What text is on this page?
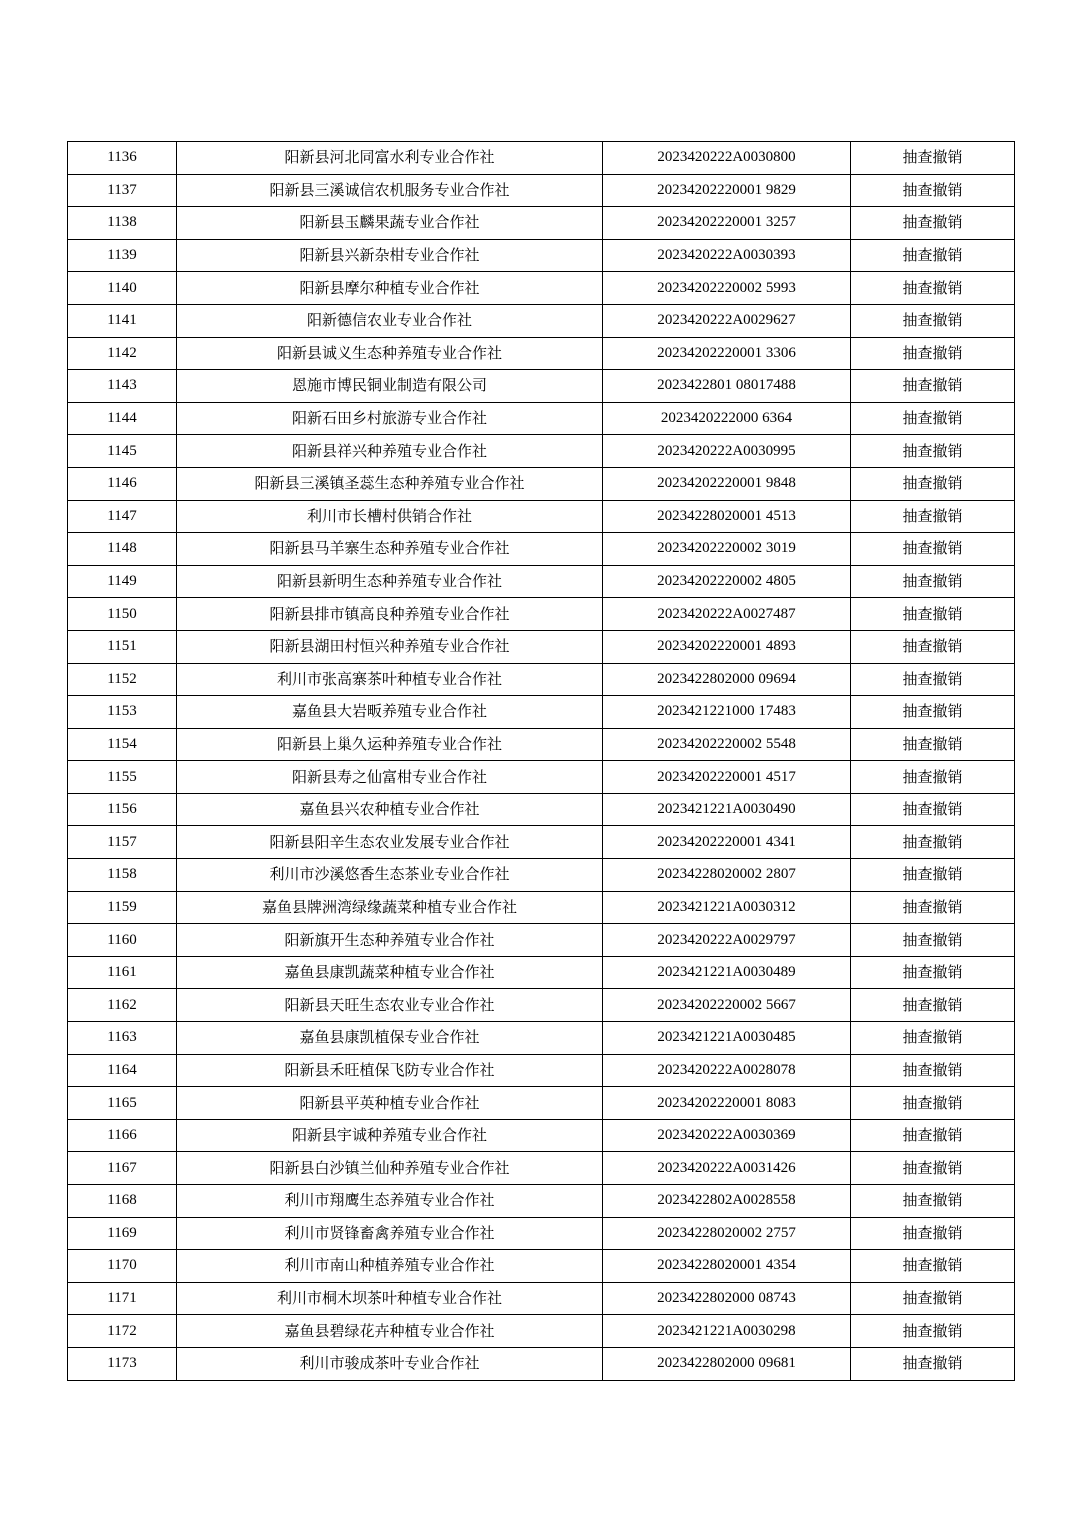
1136	阳新县河北同富水利专业合作社	2023420222A0030800	抽查撤销
1137	阳新县三溪诚信农机服务专业合作社	20234202220001 9829	抽查撤销
1138	阳新县玉麟果蔬专业合作社	20234202220001 3257	抽查撤销
1139	阳新县兴新杂柑专业合作社	2023420222A0030393	抽查撤销
1140	阳新县摩尔种植专业合作社	20234202220002 5993	抽查撤销
1141	阳新德信农业专业合作社	2023420222A0029627	抽查撤销
1142	阳新县诚义生态种养殖专业合作社	20234202220001 3306	抽查撤销
1143	恩施市博民铜业制造有限公司	2023422801 08017488	抽查撤销
1144	阳新石田乡村旅游专业合作社	2023420222000 6364	抽查撤销
1145	阳新县祥兴种养殖专业合作社	2023420222A0030995	抽查撤销
1146	阳新县三溪镇圣蕊生态种养殖专业合作社	20234202220001 9848	抽查撤销
1147	利川市长槽村供销合作社	20234228020001 4513	抽查撤销
1148	阳新县马羊寨生态种养殖专业合作社	20234202220002 3019	抽查撤销
1149	阳新县新明生态种养殖专业合作社	20234202220002 4805	抽查撤销
1150	阳新县排市镇高良种养殖专业合作社	2023420222A0027487	抽查撤销
1151	阳新县湖田村恒兴种养殖专业合作社	20234202220001 4893	抽查撤销
1152	利川市张高寨茶叶种植专业合作社	2023422802000 09694	抽查撤销
1153	嘉鱼县大岩畈养殖专业合作社	2023421221000 17483	抽查撤销
1154	阳新县上巢久运种养殖专业合作社	20234202220002 5548	抽查撤销
1155	阳新县寿之仙富柑专业合作社	20234202220001 4517	抽查撤销
1156	嘉鱼县兴农种植专业合作社	2023421221A0030490	抽查撤销
1157	阳新县阳辛生态农业发展专业合作社	20234202220001 4341	抽查撤销
1158	利川市沙溪悠香生态茶业专业合作社	20234228020002 2807	抽查撤销
1159	嘉鱼县牌洲湾绿缘蔬菜种植专业合作社	2023421221A0030312	抽查撤销
1160	阳新旗开生态种养殖专业合作社	2023420222A0029797	抽查撤销
1161	嘉鱼县康凯蔬菜种植专业合作社	2023421221A0030489	抽查撤销
1162	阳新县天旺生态农业专业合作社	20234202220002 5667	抽查撤销
1163	嘉鱼县康凯植保专业合作社	2023421221A0030485	抽查撤销
1164	阳新县禾旺植保飞防专业合作社	2023420222A0028078	抽查撤销
1165	阳新县平英种植专业合作社	20234202220001 8083	抽查撤销
1166	阳新县宇诚种养殖专业合作社	2023420222A0030369	抽查撤销
1167	阳新县白沙镇兰仙种养殖专业合作社	2023420222A0031426	抽查撤销
1168	利川市翔鹰生态养殖专业合作社	2023422802A0028558	抽查撤销
1169	利川市贤锋畜禽养殖专业合作社	20234228020002 2757	抽查撤销
1170	利川市南山种植养殖专业合作社	20234228020001 4354	抽查撤销
1171	利川市桐木坝茶叶种植专业合作社	2023422802000 08743	抽查撤销
1172	嘉鱼县碧绿花卉种植专业合作社	2023421221A0030298	抽查撤销
1173	利川市骏成茶叶专业合作社	2023422802000 09681	抽查撤销
